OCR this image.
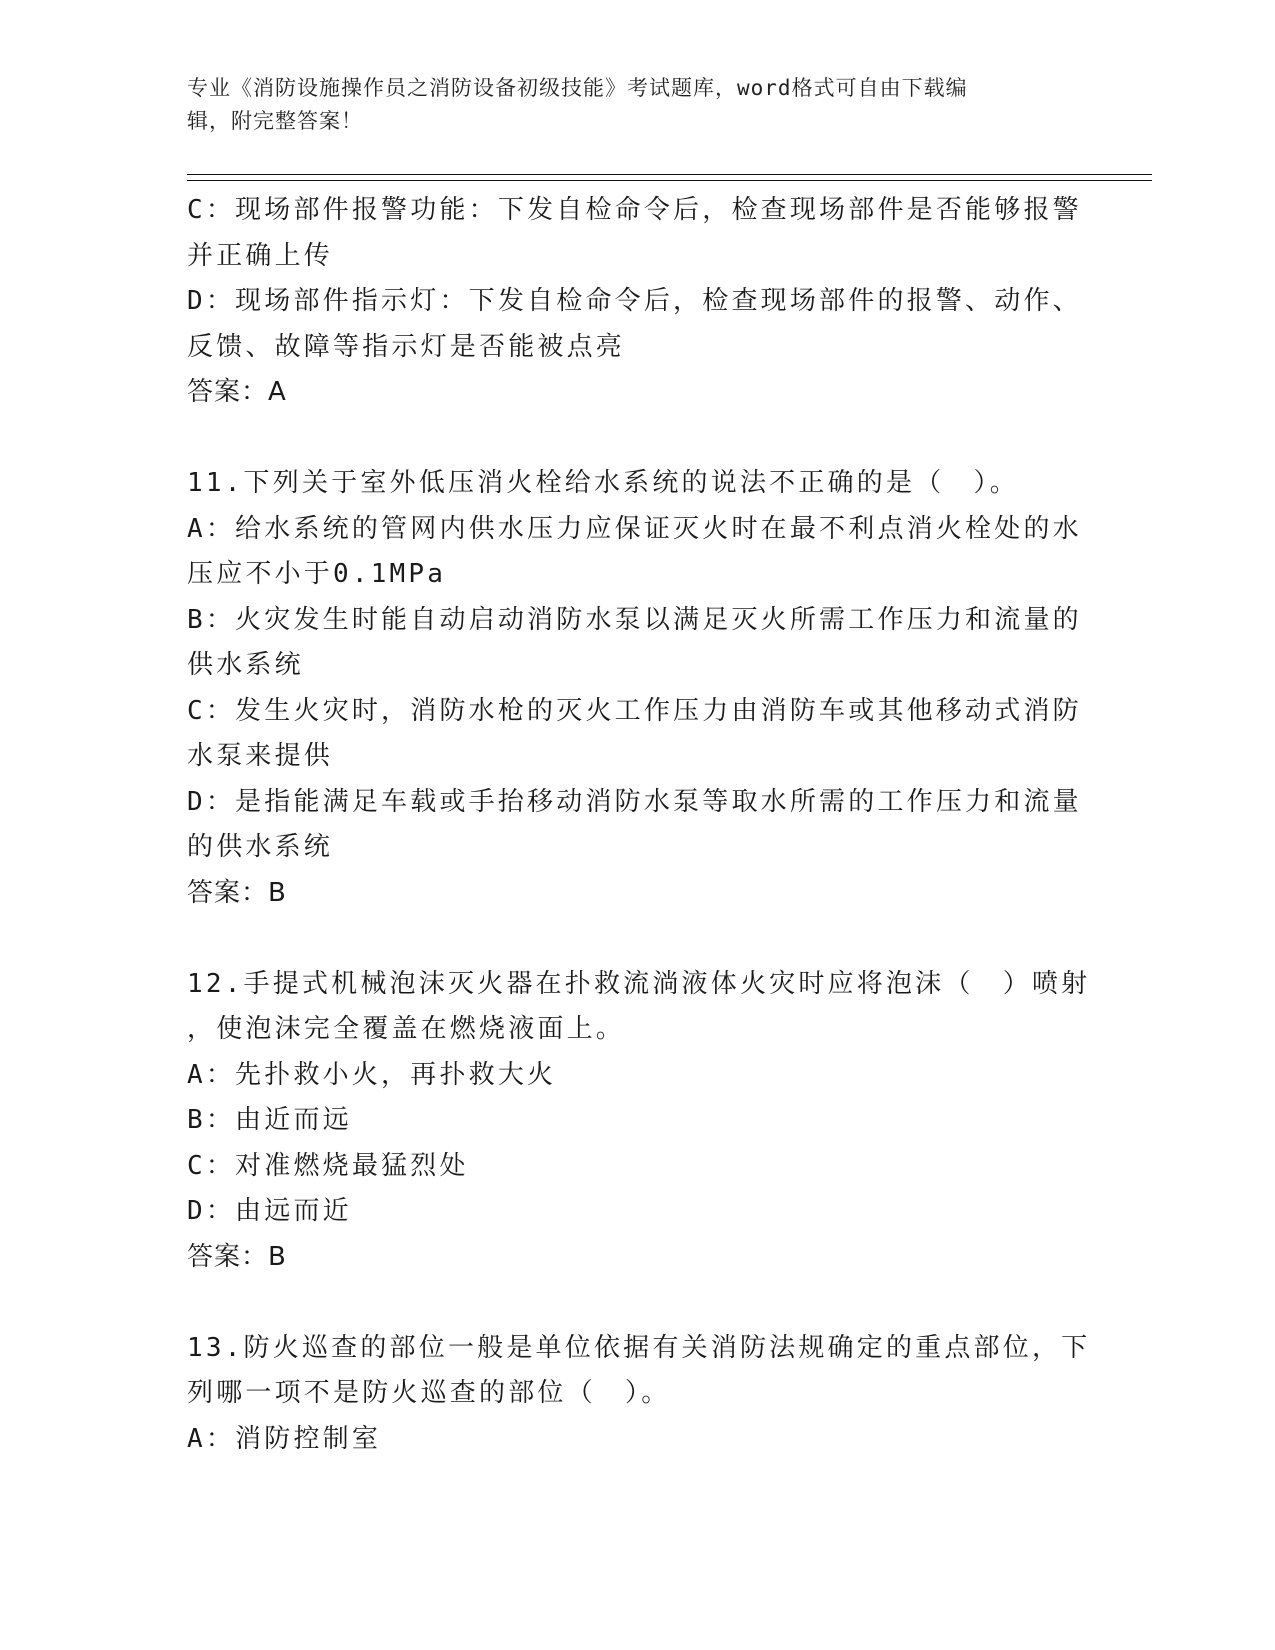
专业《消防设施操作员之消防设备初级技能》考试题库，word格式可自由下载编
辑，附完整答案！
C：现场部件报警功能：下发自检命令后，检查现场部件是否能够报警
并正确上传
D：现场部件指示灯：下发自检命令后，检查现场部件的报警、动作、
反馈、故障等指示灯是否能被点亮
答案：A
11.下列关于室外低压消火栓给水系统的说法不正确的是（　）。
A：给水系统的管网内供水压力应保证灭火时在最不利点消火栓处的水
压应不小于0.1MPa
B：火灾发生时能自动启动消防水泵以满足灭火所需工作压力和流量的
供水系统
C：发生火灾时，消防水枪的灭火工作压力由消防车或其他移动式消防
水泵来提供
D：是指能满足车载或手抬移动消防水泵等取水所需的工作压力和流量
的供水系统
答案：B
12.手提式机械泡沫灭火器在扑救流淌液体火灾时应将泡沫（　）喷射
，使泡沫完全覆盖在燃烧液面上。
A：先扑救小火，再扑救大火
B：由近而远
C：对准燃烧最猛烈处
D：由远而近
答案：B
13.防火巡查的部位一般是单位依据有关消防法规确定的重点部位，下
列哪一项不是防火巡查的部位（　）。
A：消防控制室
